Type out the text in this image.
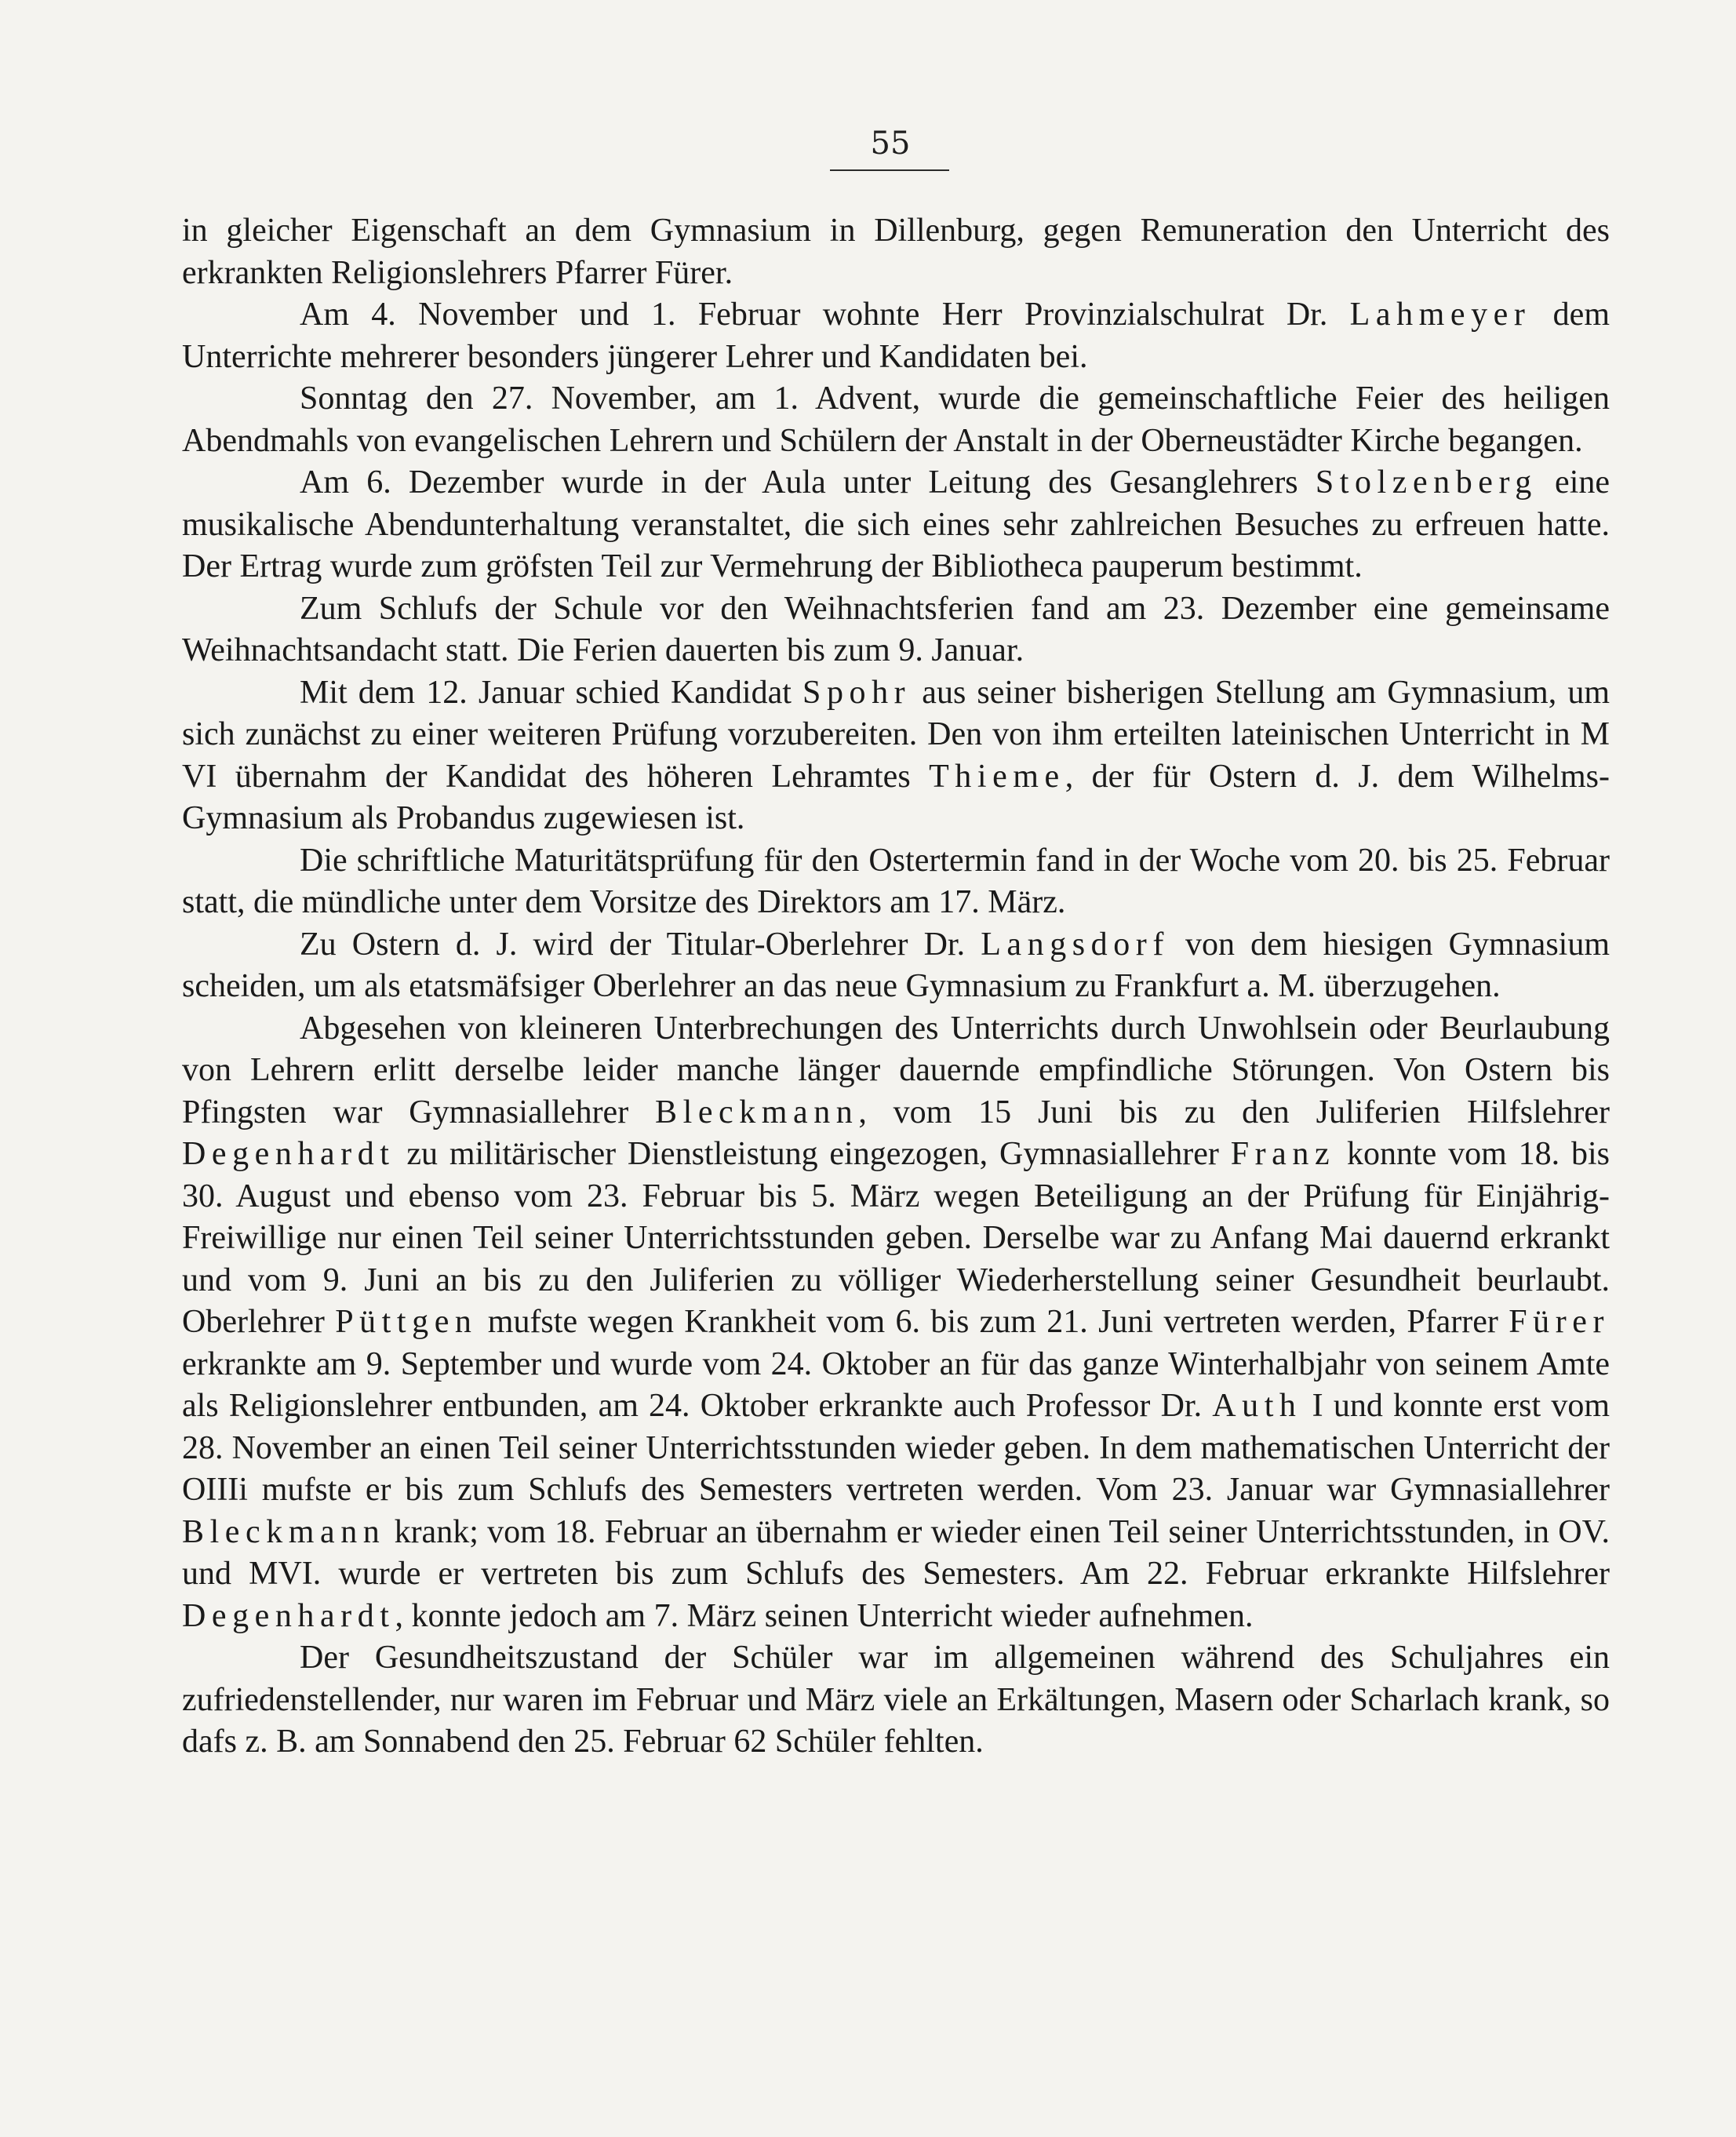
55

in gleicher Eigenschaft an dem Gymnasium in Dillenburg, gegen Remuneration den Unterricht des erkrankten Religionslehrers Pfarrer Fürer.

Am 4. November und 1. Februar wohnte Herr Provinzialschulrat Dr. Lahmeyer dem Unterrichte mehrerer besonders jüngerer Lehrer und Kandidaten bei.

Sonntag den 27. November, am 1. Advent, wurde die gemeinschaftliche Feier des heiligen Abendmahls von evangelischen Lehrern und Schülern der Anstalt in der Oberneustädter Kirche begangen.

Am 6. Dezember wurde in der Aula unter Leitung des Gesanglehrers Stolzenberg eine musikalische Abendunterhaltung veranstaltet, die sich eines sehr zahlreichen Besuches zu erfreuen hatte. Der Ertrag wurde zum gröfsten Teil zur Vermehrung der Bibliotheca pauperum bestimmt.

Zum Schlufs der Schule vor den Weihnachtsferien fand am 23. Dezember eine gemeinsame Weihnachtsandacht statt. Die Ferien dauerten bis zum 9. Januar.

Mit dem 12. Januar schied Kandidat Spohr aus seiner bisherigen Stellung am Gymnasium, um sich zunächst zu einer weiteren Prüfung vorzubereiten. Den von ihm erteilten lateinischen Unterricht in M VI übernahm der Kandidat des höheren Lehramtes Thieme, der für Ostern d. J. dem Wilhelms-Gymnasium als Probandus zugewiesen ist.

Die schriftliche Maturitätsprüfung für den Ostertermin fand in der Woche vom 20. bis 25. Februar statt, die mündliche unter dem Vorsitze des Direktors am 17. März.

Zu Ostern d. J. wird der Titular-Oberlehrer Dr. Langsdorf von dem hiesigen Gymnasium scheiden, um als etatsmäfsiger Oberlehrer an das neue Gymnasium zu Frankfurt a. M. überzugehen.

Abgesehen von kleineren Unterbrechungen des Unterrichts durch Unwohlsein oder Beurlaubung von Lehrern erlitt derselbe leider manche länger dauernde empfindliche Störungen. Von Ostern bis Pfingsten war Gymnasiallehrer Bleckmann, vom 15 Juni bis zu den Juliferien Hilfslehrer Degenhardt zu militärischer Dienstleistung eingezogen, Gymnasiallehrer Franz konnte vom 18. bis 30. August und ebenso vom 23. Februar bis 5. März wegen Beteiligung an der Prüfung für Einjährig-Freiwillige nur einen Teil seiner Unterrichtsstunden geben. Derselbe war zu Anfang Mai dauernd erkrankt und vom 9. Juni an bis zu den Juliferien zu völliger Wiederherstellung seiner Gesundheit beurlaubt. Oberlehrer Püttgen mufste wegen Krankheit vom 6. bis zum 21. Juni vertreten werden, Pfarrer Fürer erkrankte am 9. September und wurde vom 24. Oktober an für das ganze Winterhalbjahr von seinem Amte als Religionslehrer entbunden, am 24. Oktober erkrankte auch Professor Dr. Auth I und konnte erst vom 28. November an einen Teil seiner Unterrichtsstunden wieder geben. In dem mathematischen Unterricht der OIIIi mufste er bis zum Schlufs des Semesters vertreten werden. Vom 23. Januar war Gymnasiallehrer Bleckmann krank; vom 18. Februar an übernahm er wieder einen Teil seiner Unterrichtsstunden, in OV. und MVI. wurde er vertreten bis zum Schlufs des Semesters. Am 22. Februar erkrankte Hilfslehrer Degenhardt, konnte jedoch am 7. März seinen Unterricht wieder aufnehmen.

Der Gesundheitszustand der Schüler war im allgemeinen während des Schuljahres ein zufriedenstellender, nur waren im Februar und März viele an Erkältungen, Masern oder Scharlach krank, so dafs z. B. am Sonnabend den 25. Februar 62 Schüler fehlten.
